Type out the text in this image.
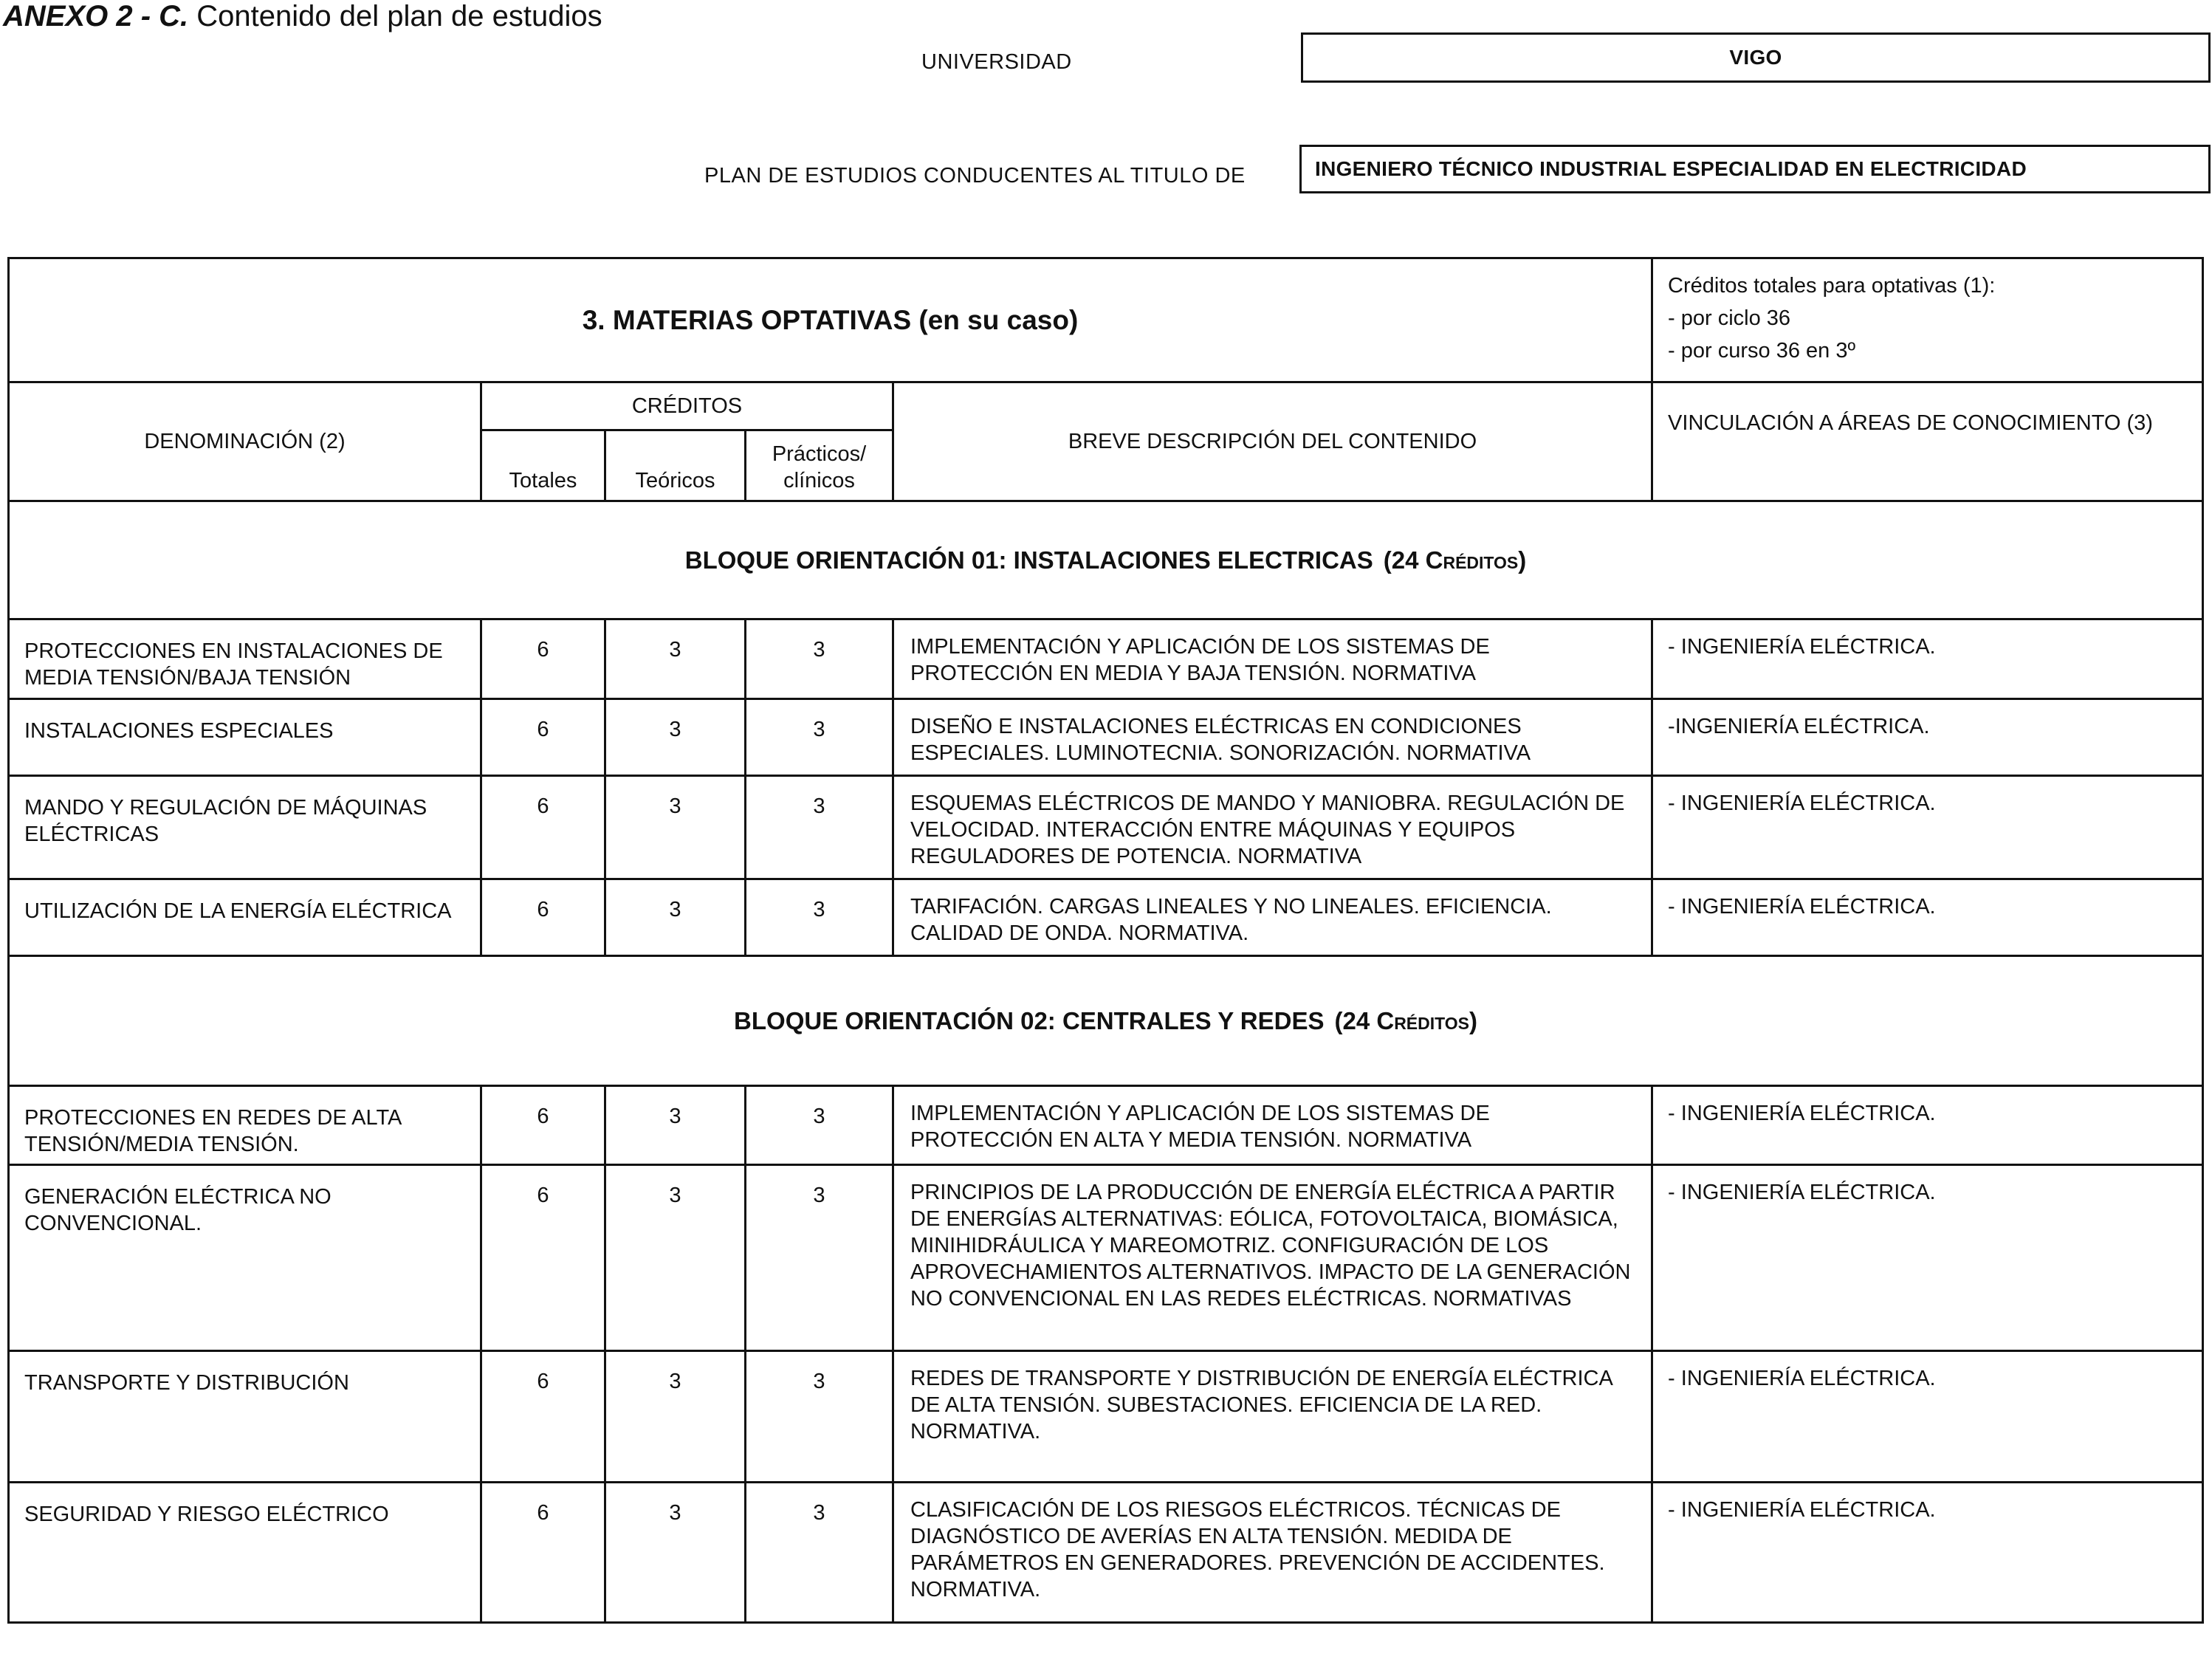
ANEXO 2 - C. Contenido del plan de estudios
UNIVERSIDAD	VIGO
PLAN DE ESTUDIOS CONDUCENTES AL TITULO DE	INGENIERO TÉCNICO INDUSTRIAL ESPECIALIDAD EN ELECTRICIDAD
3. MATERIAS OPTATIVAS (en su caso)					Créditos totales para optativas (1):
- por ciclo 36
- por curso 36 en 3º

DENOMINACIÓN (2)	CRÉDITOS			BREVE DESCRIPCIÓN DEL CONTENIDO	VINCULACIÓN A ÁREAS DE CONOCIMIENTO (3)
	Totales	Teóricos	Prácticos/ clínicos		
BLOQUE ORIENTACIÓN 01: INSTALACIONES ELECTRICAS (24 Créditos)					
PROTECCIONES EN INSTALACIONES DE MEDIA TENSIÓN/BAJA TENSIÓN	6	3	3	IMPLEMENTACIÓN Y APLICACIÓN DE LOS SISTEMAS DE PROTECCIÓN EN MEDIA Y BAJA TENSIÓN. NORMATIVA	- INGENIERÍA ELÉCTRICA.
INSTALACIONES ESPECIALES	6	3	3	DISEÑO E INSTALACIONES ELÉCTRICAS EN CONDICIONES ESPECIALES. LUMINOTECNIA. SONORIZACIÓN. NORMATIVA	-INGENIERÍA ELÉCTRICA.
MANDO Y REGULACIÓN DE MÁQUINAS ELÉCTRICAS	6	3	3	ESQUEMAS ELÉCTRICOS DE MANDO Y MANIOBRA. REGULACIÓN DE VELOCIDAD. INTERACCIÓN ENTRE MÁQUINAS Y EQUIPOS REGULADORES DE POTENCIA. NORMATIVA	- INGENIERÍA ELÉCTRICA.
UTILIZACIÓN DE LA ENERGÍA ELÉCTRICA	6	3	3	TARIFACIÓN. CARGAS LINEALES Y NO LINEALES. EFICIENCIA. CALIDAD DE ONDA. NORMATIVA.	- INGENIERÍA ELÉCTRICA.
BLOQUE ORIENTACIÓN 02: CENTRALES Y REDES (24 Créditos)					
PROTECCIONES EN REDES DE ALTA TENSIÓN/MEDIA TENSIÓN.	6	3	3	IMPLEMENTACIÓN Y APLICACIÓN DE LOS SISTEMAS DE PROTECCIÓN EN ALTA Y MEDIA TENSIÓN. NORMATIVA	- INGENIERÍA ELÉCTRICA.
GENERACIÓN ELÉCTRICA NO CONVENCIONAL.	6	3	3	PRINCIPIOS DE LA PRODUCCIÓN DE ENERGÍA ELÉCTRICA A PARTIR DE ENERGÍAS ALTERNATIVAS: EÓLICA, FOTOVOLTAICA, BIOMÁSICA, MINIHIDRÁULICA Y MAREOMOTRIZ. CONFIGURACIÓN DE LOS APROVECHAMIENTOS ALTERNATIVOS. IMPACTO DE LA GENERACIÓN NO CONVENCIONAL EN LAS REDES ELÉCTRICAS. NORMATIVAS	- INGENIERÍA ELÉCTRICA.
TRANSPORTE Y DISTRIBUCIÓN	6	3	3	REDES DE TRANSPORTE Y DISTRIBUCIÓN DE ENERGÍA ELÉCTRICA DE ALTA TENSIÓN. SUBESTACIONES. EFICIENCIA DE LA RED. NORMATIVA.	- INGENIERÍA ELÉCTRICA.
SEGURIDAD Y RIESGO ELÉCTRICO	6	3	3	CLASIFICACIÓN DE LOS RIESGOS ELÉCTRICOS. TÉCNICAS DE DIAGNÓSTICO DE AVERÍAS EN ALTA TENSIÓN. MEDIDA DE PARÁMETROS EN GENERADORES. PREVENCIÓN DE ACCIDENTES. NORMATIVA.	- INGENIERÍA ELÉCTRICA.
